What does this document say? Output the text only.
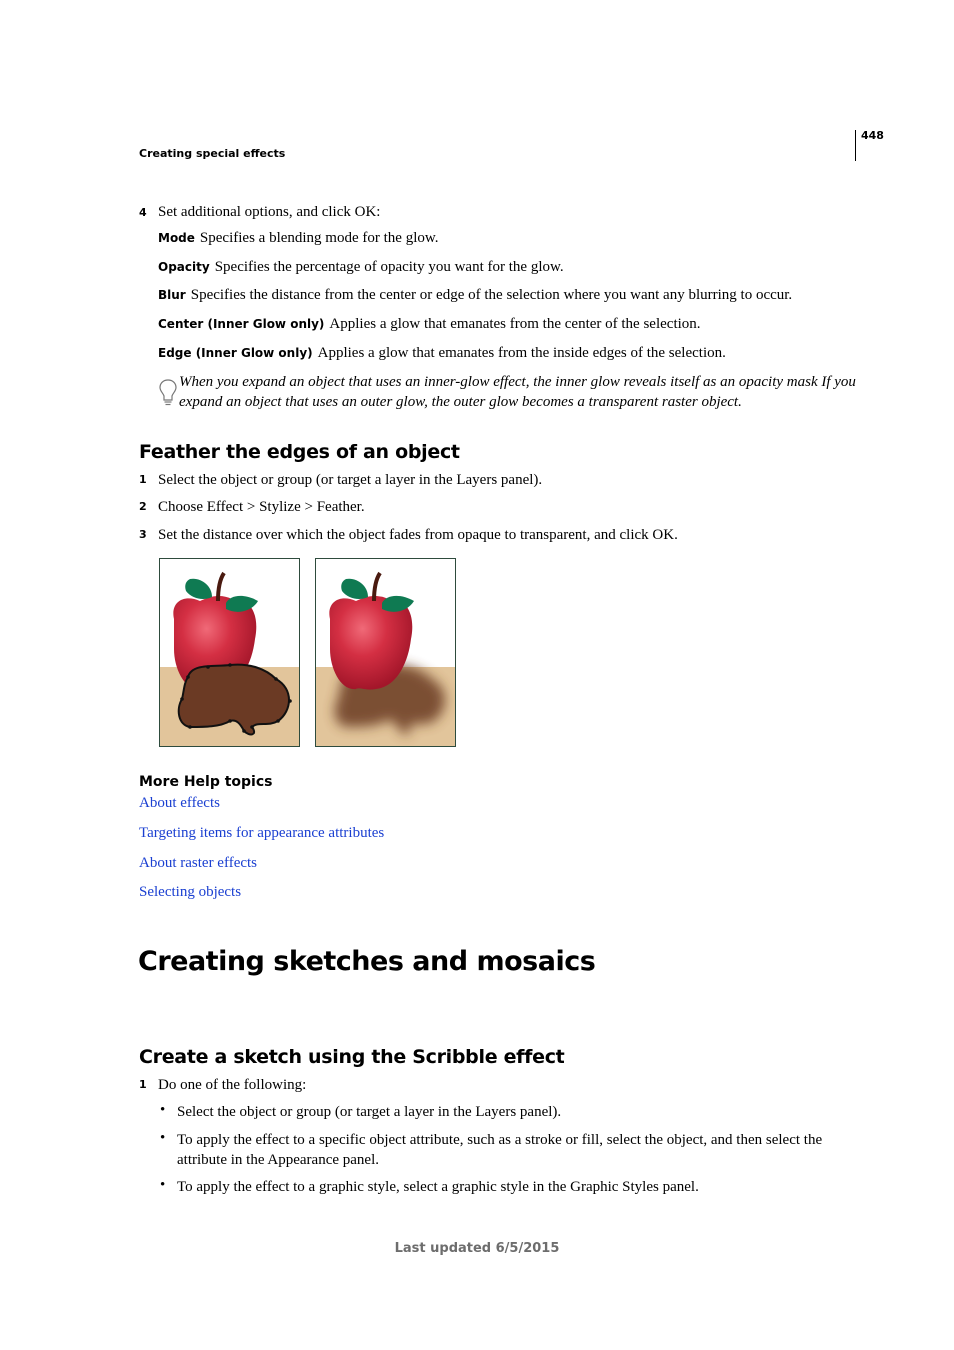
Creating special effects
448
4 Set additional options, and click OK:
Mode Specifies a blending mode for the glow.
Opacity Specifies the percentage of opacity you want for the glow.
Blur Specifies the distance from the center or edge of the selection where you want any blurring to occur.
Center (Inner Glow only) Applies a glow that emanates from the center of the selection.
Edge (Inner Glow only) Applies a glow that emanates from the inside edges of the selection.
When you expand an object that uses an inner-glow effect, the inner glow reveals itself as an opacity mask If you
expand an object that uses an outer glow, the outer glow becomes a transparent raster object.
Feather the edges of an object
1 Select the object or group (or target a layer in the Layers panel).
2 Choose Effect > Stylize > Feather.
3 Set the distance over which the object fades from opaque to transparent, and click OK.
More Help topics
About effects
Targeting items for appearance attributes
About raster effects
Selecting objects
Creating sketches and mosaics
Create a sketch using the Scribble effect
1 Do one of the following:
• Select the object or group (or target a layer in the Layers panel).
• To apply the effect to a specific object attribute, such as a stroke or fill, select the object, and then select the
attribute in the Appearance panel.
• To apply the effect to a graphic style, select a graphic style in the Graphic Styles panel.
Last updated 6/5/2015
